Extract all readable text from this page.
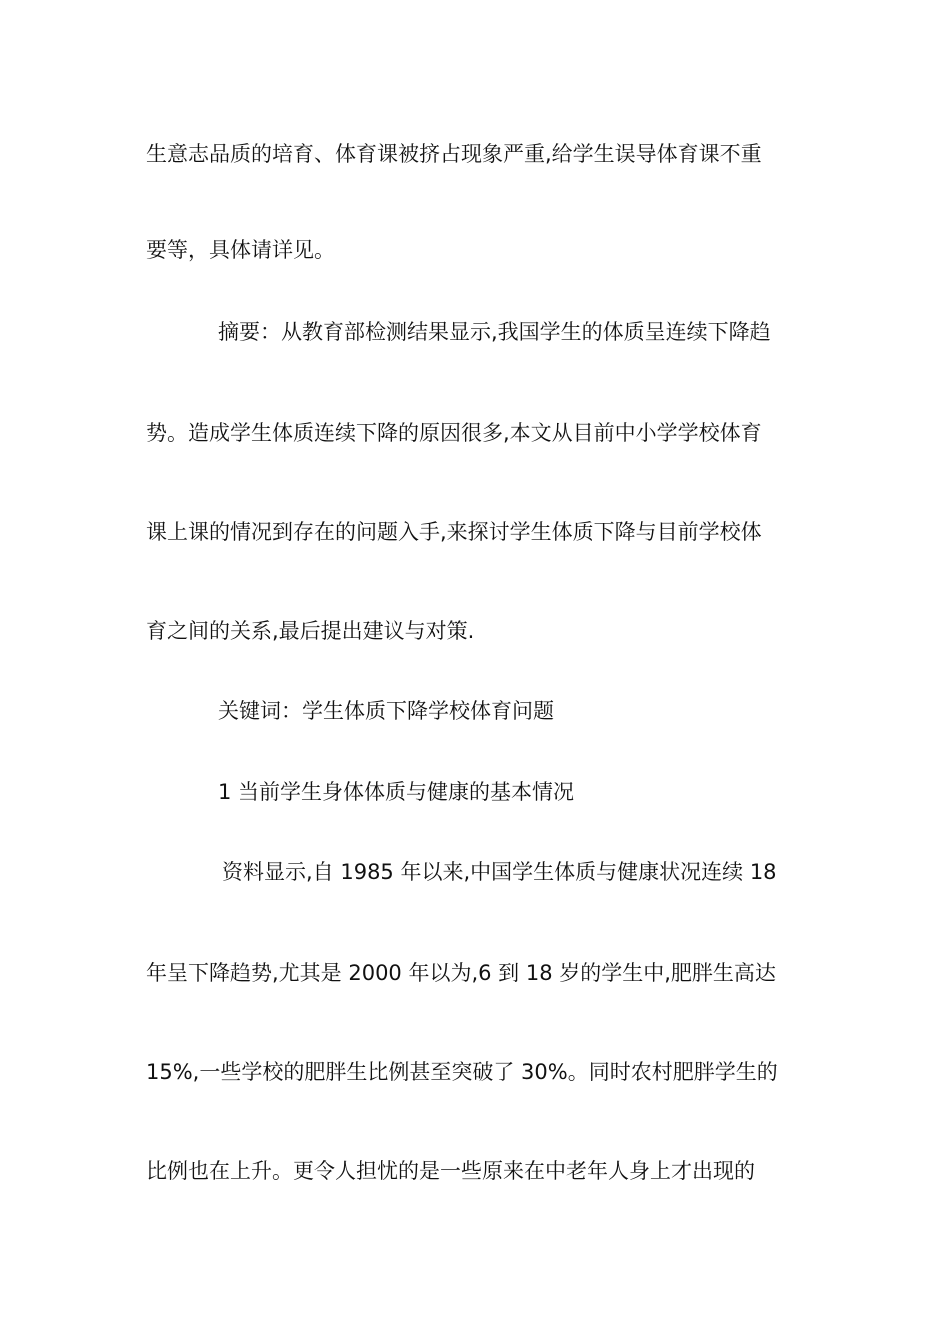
生意志品质的培育、体育课被挤占现象严重,给学生误导体育课不重
要等，具体请详见。
摘要：从教育部检测结果显示,我国学生的体质呈连续下降趋
势。造成学生体质连续下降的原因很多,本文从目前中小学学校体育
课上课的情况到存在的问题入手,来探讨学生体质下降与目前学校体
育之间的关系,最后提出建议与对策.
关键词：学生体质下降学校体育问题
1 当前学生身体体质与健康的基本情况
资料显示,自 1985 年以来,中国学生体质与健康状况连续 18
年呈下降趋势,尤其是 2000 年以为,6 到 18 岁的学生中,肥胖生高达
15%,一些学校的肥胖生比例甚至突破了 30%。同时农村肥胖学生的
比例也在上升。更令人担忧的是一些原来在中老年人身上才出现的
